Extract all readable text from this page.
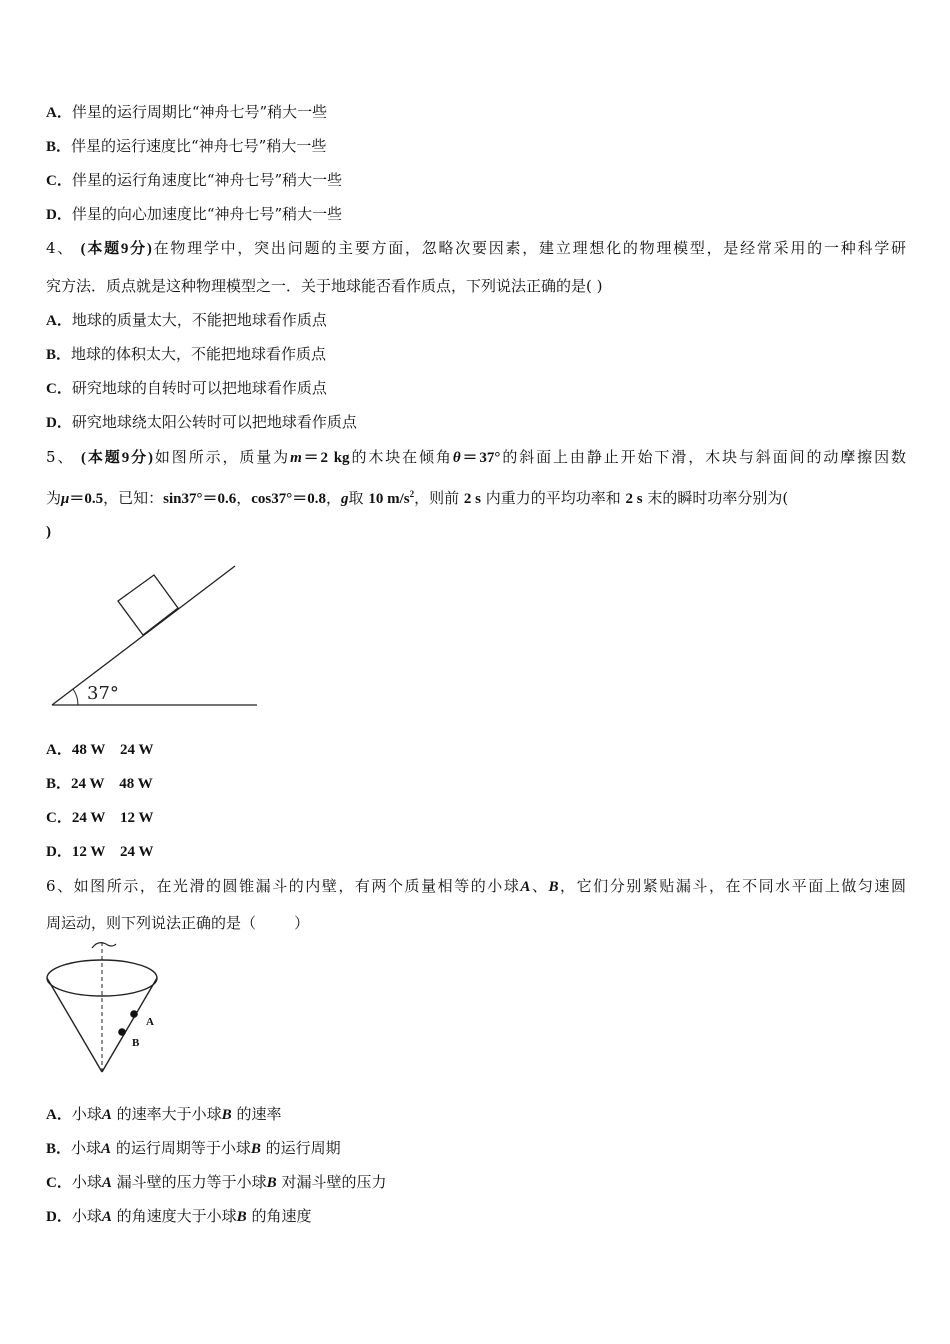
A．伴星的运行周期比“神舟七号”稍大一些
B．伴星的运行速度比“神舟七号”稍大一些
C．伴星的运行角速度比“神舟七号”稍大一些
D．伴星的向心加速度比“神舟七号”稍大一些
4、 (本题9分)在物理学中，突出问题的主要方面，忽略次要因素，建立理想化的物理模型，是经常采用的一种科学研
究方法．质点就是这种物理模型之一．关于地球能否看作质点，下列说法正确的是( )
A．地球的质量太大，不能把地球看作质点
B．地球的体积太大，不能把地球看作质点
C．研究地球的自转时可以把地球看作质点
D．研究地球绕太阳公转时可以把地球看作质点
5、 (本题9分)如图所示，质量为m＝2 kg的木块在倾角θ＝37°的斜面上由静止开始下滑，木块与斜面间的动摩擦因数
为μ＝0.5，已知：sin37°＝0.6，cos37°＝0.8，g取 10 $m/s^2$，则前 2 s 内重力的平均功率和 2 s 末的瞬时功率分别为(
)
37°
A．48 W    24 W
B．24 W    48 W
C．24 W    12 W
D．12 W    24 W
6、如图所示，在光滑的圆锥漏斗的内壁，有两个质量相等的小球A、B，它们分别紧贴漏斗，在不同水平面上做匀速圆
周运动，则下列说法正确的是（        ）
A
B
A．小球A 的速率大于小球B 的速率
B．小球A 的运行周期等于小球B 的运行周期
C．小球A 漏斗壁的压力等于小球B 对漏斗壁的压力
D．小球A 的角速度大于小球B 的角速度
